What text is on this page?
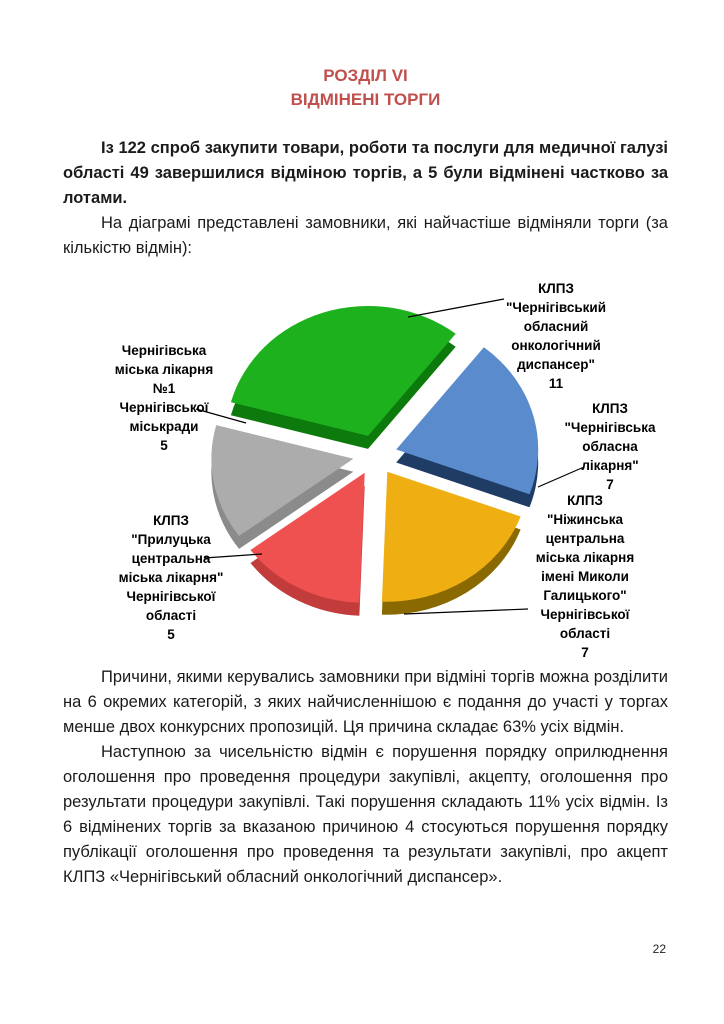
РОЗДІЛ VI
ВІДМІНЕНІ ТОРГИ

Із 122 спроб закупити товари, роботи та послуги для медичної галузі області 49 завершилися відміною торгів, а 5 були відмінені частково за лотами.

На діаграмі представлені замовники, які найчастіше відміняли торги (за кількістю відмін):

КЛПЗ
"Чернігівський
обласний
онкологічний
диспансер"
11
КЛПЗ
"Чернігівська
обласна
лікарня"
7
КЛПЗ
"Ніжинська
центральна
міська лікарня
імені Миколи
Галицького"
Чернігівської
області
7
Чернігівська
міська лікарня
№1
Чернігівської
міськради
5
КЛПЗ
"Прилуцька
центральна
міська лікарня"
Чернігівської
області
5

Причини, якими керувались замовники при відміні торгів можна розділити на 6 окремих категорій, з яких найчисленнішою є подання до участі у торгах менше двох конкурсних пропозицій. Ця причина складає 63% усіх відмін.

Наступною за чисельністю відмін є порушення порядку оприлюднення оголошення про проведення процедури закупівлі, акцепту, оголошення про результати процедури закупівлі. Такі порушення складають 11% усіх відмін. Із 6 відмінених торгів за вказаною причиною 4 стосуються порушення порядку публікації оголошення про проведення та результати закупівлі, про акцепт КЛПЗ «Чернігівський обласний онкологічний диспансер».

22
